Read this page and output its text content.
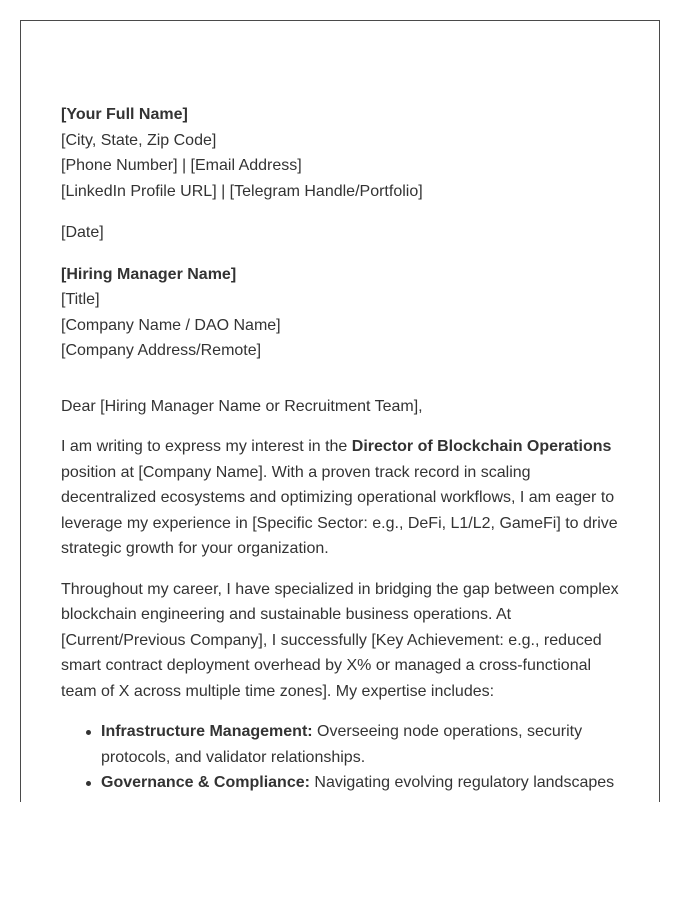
[Your Full Name]
[City, State, Zip Code]
[Phone Number] | [Email Address]
[LinkedIn Profile URL] | [Telegram Handle/Portfolio]
[Date]
[Hiring Manager Name]
[Title]
[Company Name / DAO Name]
[Company Address/Remote]
Dear [Hiring Manager Name or Recruitment Team],
I am writing to express my interest in the Director of Blockchain Operations
position at [Company Name]. With a proven track record in scaling
decentralized ecosystems and optimizing operational workflows, I am eager to
leverage my experience in [Specific Sector: e.g., DeFi, L1/L2, GameFi] to drive
strategic growth for your organization.
Throughout my career, I have specialized in bridging the gap between complex
blockchain engineering and sustainable business operations. At
[Current/Previous Company], I successfully [Key Achievement: e.g., reduced
smart contract deployment overhead by X% or managed a cross-functional
team of X across multiple time zones]. My expertise includes:
Infrastructure Management: Overseeing node operations, security
protocols, and validator relationships.
Governance & Compliance: Navigating evolving regulatory landscapes
